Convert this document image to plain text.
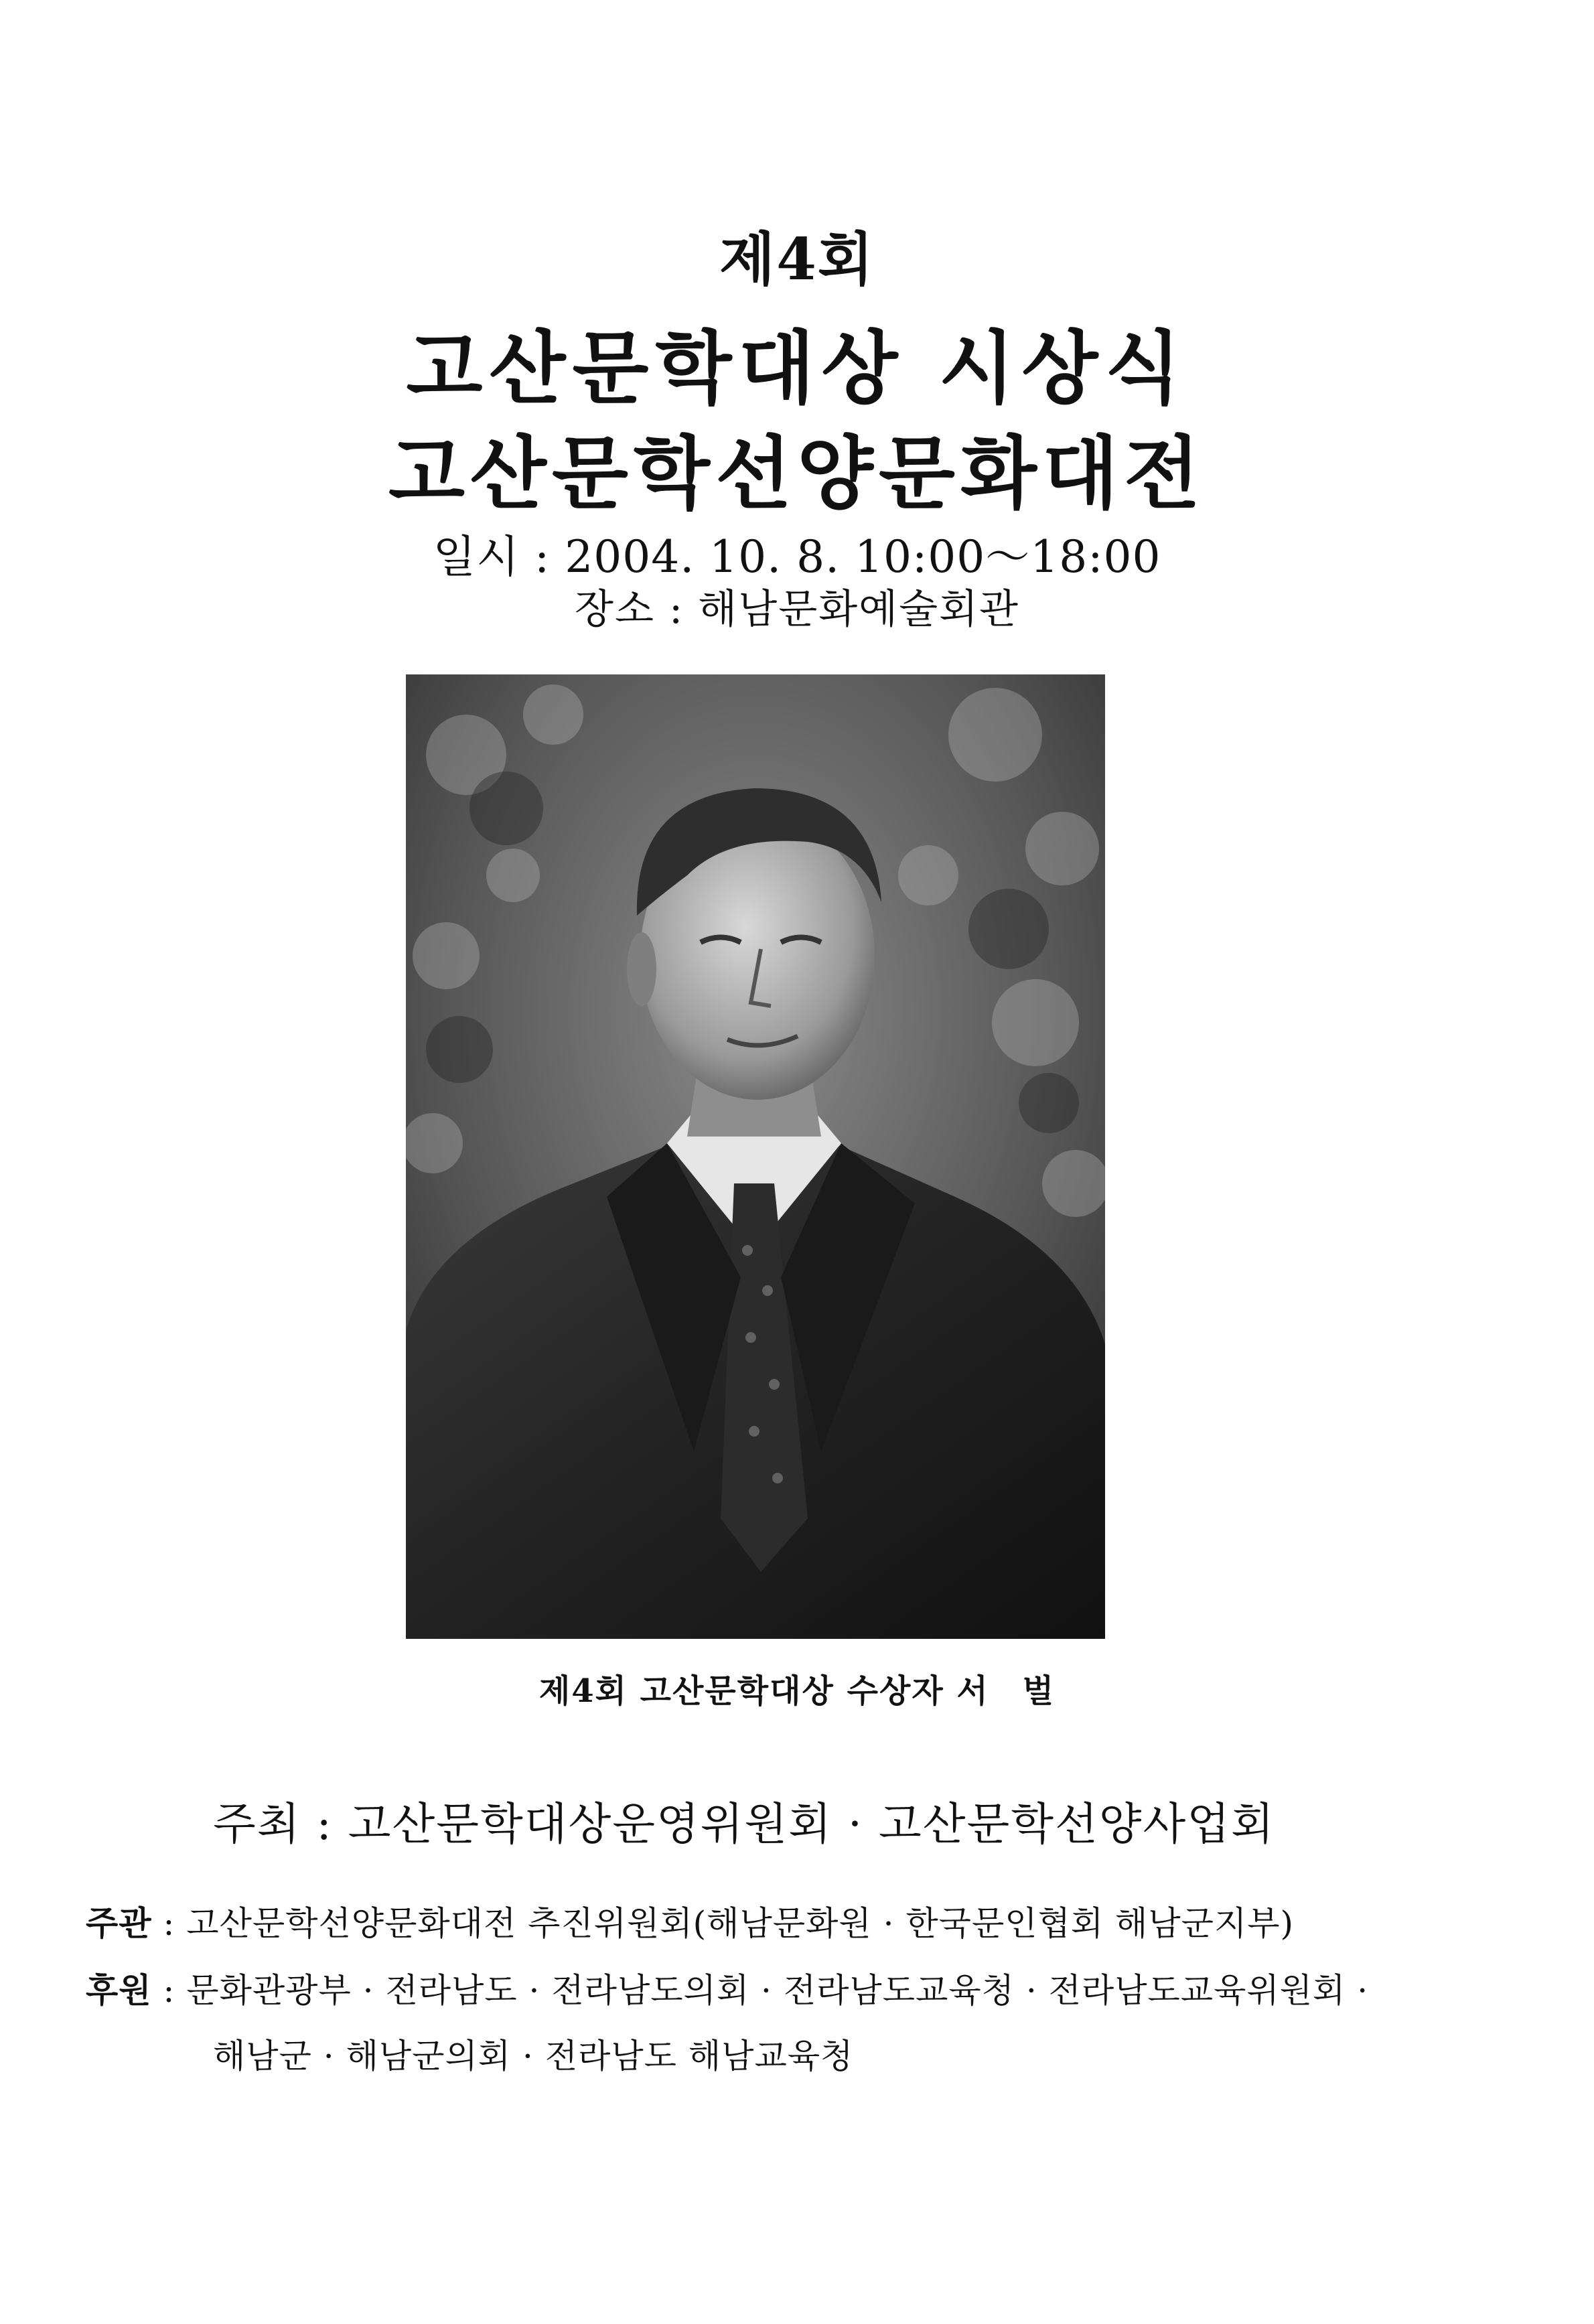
제4회
고산문학대상 시상식
고산문학선양문화대전
일시 : 2004. 10. 8. 10:00～18:00
장소 : 해남문화예술회관
제4회 고산문학대상 수상자 서　벌
주최 : 고산문학대상운영위원회 · 고산문학선양사업회
주관 : 고산문학선양문화대전 추진위원회(해남문화원 · 한국문인협회 해남군지부)
후원 : 문화관광부 · 전라남도 · 전라남도의회 · 전라남도교육청 · 전라남도교육위원회 ·
해남군 · 해남군의회 · 전라남도 해남교육청
